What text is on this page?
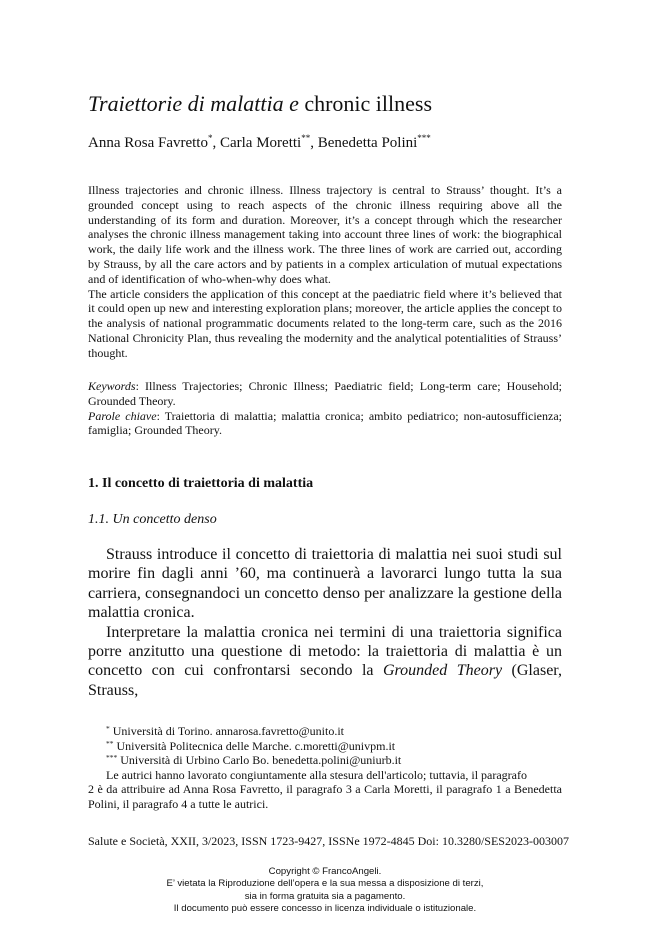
Traiettorie di malattia e chronic illness
Anna Rosa Favretto*, Carla Moretti**, Benedetta Polini***

Illness trajectories and chronic illness. Illness trajectory is central to Strauss’ thought. It’s a grounded concept using to reach aspects of the chronic illness requiring above all the understanding of its form and duration. Moreover, it’s a concept through which the researcher analyses the chronic illness management taking into account three lines of work: the biographical work, the daily life work and the illness work. The three lines of work are carried out, according by Strauss, by all the care actors and by patients in a complex articulation of mutual expectations and of identification of who-when-why does what.

The article considers the application of this concept at the paediatric field where it’s believed that it could open up new and interesting exploration plans; moreover, the article applies the concept to the analysis of national programmatic documents related to the long-term care, such as the 2016 National Chronicity Plan, thus revealing the modernity and the analytical potentialities of Strauss’ thought.

Keywords: Illness Trajectories; Chronic Illness; Paediatric field; Long-term care; Household; Grounded Theory.

Parole chiave: Traiettoria di malattia; malattia cronica; ambito pediatrico; non-autosufficienza; famiglia; Grounded Theory.

1. Il concetto di traiettoria di malattia
1.1. Un concetto denso

Strauss introduce il concetto di traiettoria di malattia nei suoi studi sul morire fin dagli anni ’60, ma continuerà a lavorarci lungo tutta la sua carriera, consegnandoci un concetto denso per analizzare la gestione della malattia cronica.

Interpretare la malattia cronica nei termini di una traiettoria significa porre anzitutto una questione di metodo: la traiettoria di malattia è un concetto con cui confrontarsi secondo la Grounded Theory (Glaser, Strauss,

* Università di Torino. annarosa.favretto@unito.it
** Università Politecnica delle Marche. c.moretti@univpm.it
*** Università di Urbino Carlo Bo. benedetta.polini@uniurb.it

Le autrici hanno lavorato congiuntamente alla stesura dell'articolo; tuttavia, il paragrafo

2 è da attribuire ad Anna Rosa Favretto, il paragrafo 3 a Carla Moretti, il paragrafo 1 a Benedetta Polini, il paragrafo 4 a tutte le autrici.

Salute e Società, XXII, 3/2023, ISSN 1723-9427, ISSNe 1972-4845 Doi: 10.3280/SES2023-003007
Copyright © FrancoAngeli.
E’ vietata la Riproduzione dell’opera e la sua messa a disposizione di terzi,
sia in forma gratuita sia a pagamento.
Il documento può essere concesso in licenza individuale o istituzionale.
